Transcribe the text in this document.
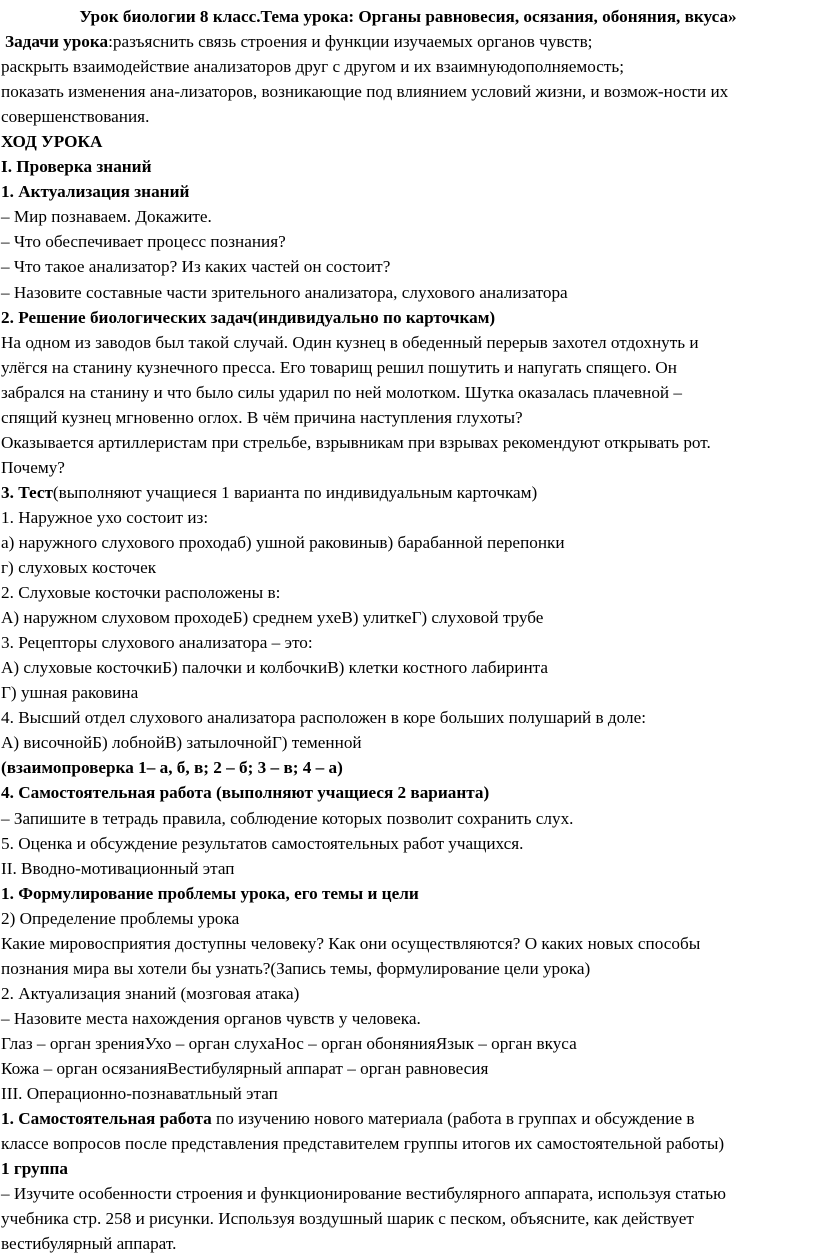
Урок биологии 8 класс.Тема урока: Органы равновесия, осязания, обоняния, вкуса»

Задачи урока:разъяснить связь строения и функции изучаемых органов чувств;

раскрыть взаимодействие анализаторов друг с другом и их взаимнуюдополняемость;

показать изменения ана-лизаторов, возникающие под влиянием условий жизни, и возмож-ности их

совершенствования.

ХОД УРОКА

I. Проверка знаний

1. Актуализация знаний

– Мир познаваем. Докажите.

– Что обеспечивает процесс познания?

– Что такое анализатор? Из каких частей он состоит?

– Назовите составные части зрительного анализатора, слухового анализатора

2. Решение биологических задач(индивидуально по карточкам)

На одном из заводов был такой случай. Один кузнец в обеденный перерыв захотел отдохнуть и

улёгся на станину кузнечного пресса. Его товарищ решил пошутить и напугать спящего. Он

забрался на станину и что было силы ударил по ней молотком. Шутка оказалась плачевной –

спящий кузнец мгновенно оглох. В чём причина наступления глухоты?

Оказывается артиллеристам при стрельбе, взрывникам при взрывах рекомендуют открывать рот.

Почему?

3. Тест(выполняют учащиеся 1 варианта по индивидуальным карточкам)

1. Наружное ухо состоит из:

а) наружного слухового проходаб) ушной раковиныв) барабанной перепонки

г) слуховых косточек

2. Слуховые косточки расположены в:

А) наружном слуховом проходеБ) среднем ухеВ) улиткеГ) слуховой трубе

3. Рецепторы слухового анализатора – это:

А) слуховые косточкиБ) палочки и колбочкиВ) клетки костного лабиринта

Г) ушная раковина

4. Высший отдел слухового анализатора расположен в коре больших полушарий в доле:

А) височнойБ) лобнойВ) затылочнойГ) теменной

(взаимопроверка 1– а, б, в; 2 – б; 3 – в; 4 – а)

4. Самостоятельная работа (выполняют учащиеся 2 варианта)

– Запишите в тетрадь правила, соблюдение которых позволит сохранить слух.

5. Оценка и обсуждение результатов самостоятельных работ учащихся.

II. Вводно-мотивационный этап

1. Формулирование проблемы урока, его темы и цели

2) Определение проблемы урока

Какие мировосприятия доступны человеку? Как они осуществляются? О каких новых способы

познания мира вы хотели бы узнать?(Запись темы, формулирование цели урока)

2. Актуализация знаний (мозговая атака)

– Назовите места нахождения органов чувств у человека.

Глаз – орган зренияУхо – орган слухаНос – орган обонянияЯзык – орган вкуса

Кожа – орган осязанияВестибулярный аппарат – орган равновесия

III. Операционно-познаватльный этап

1. Самостоятельная работа по изучению нового материала (работа в группах и обсуждение в

классе вопросов после представления представителем группы итогов их самостоятельной работы)

1 группа

– Изучите особенности строения и функционирование вестибулярного аппарата, используя статью

учебника стр. 258 и рисунки. Используя воздушный шарик с песком, объясните, как действует

вестибулярный аппарат.
